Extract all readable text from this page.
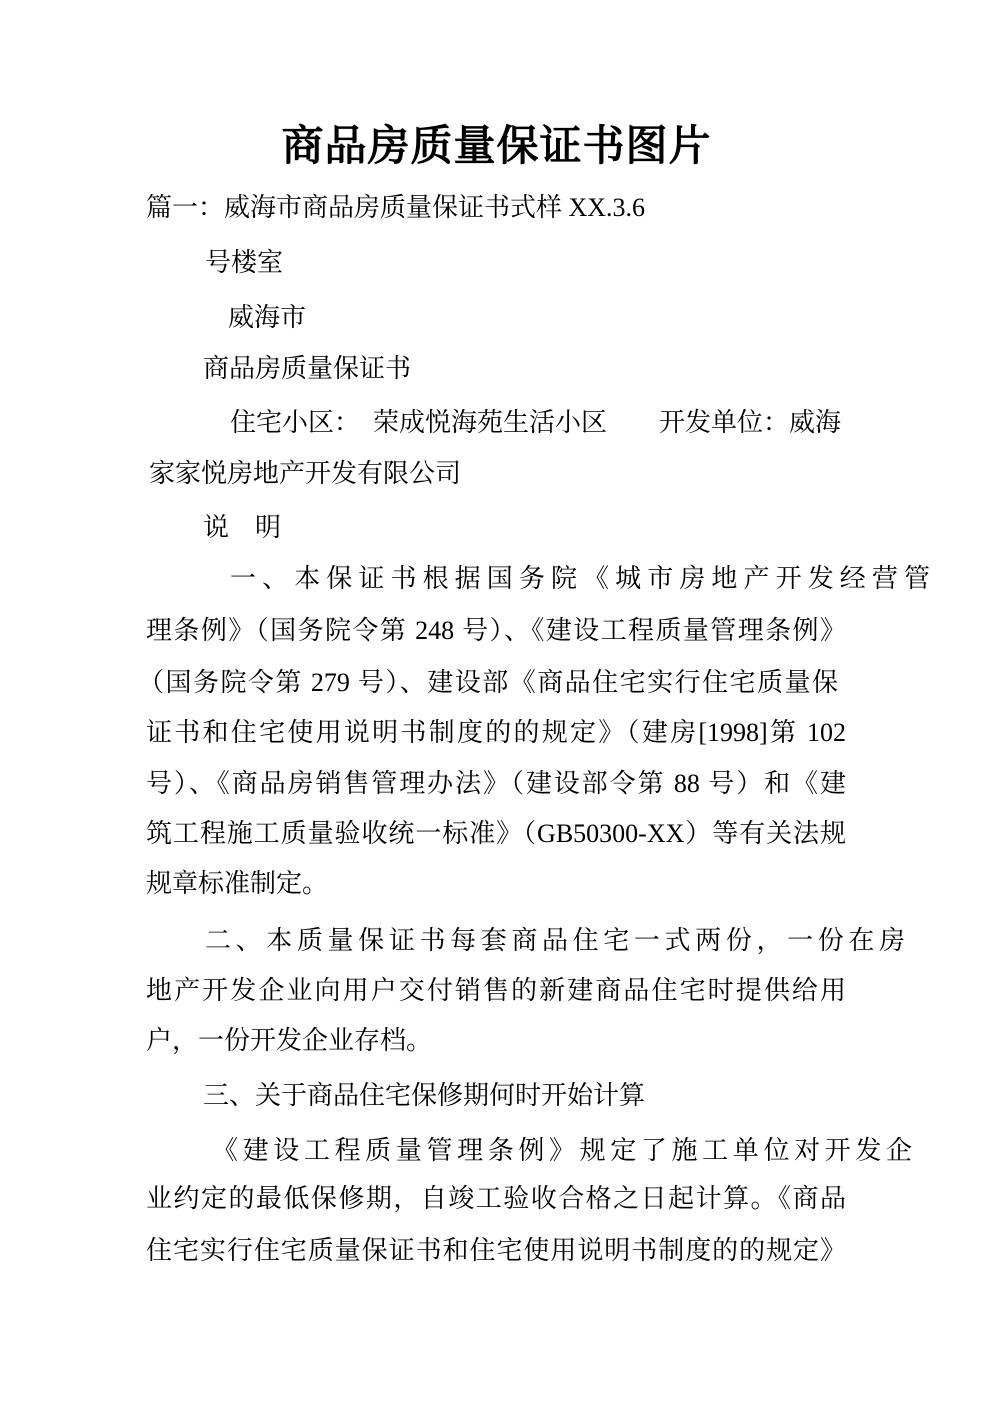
商品房质量保证书图片
篇一：威海市商品房质量保证书式样 XX.3.6
号楼室
威海市
商品房质量保证书
住宅小区：　荣成悦海苑生活小区　　开发单位：威海
家家悦房地产开发有限公司
说　明
一、本保证书根据国务院《城市房地产开发经营管
理条例》（国务院令第 248 号）、《建设工程质量管理条例》
（国务院令第 279 号）、建设部《商品住宅实行住宅质量保
证书和住宅使用说明书制度的的规定》（建房[1998]第 102
号）、《商品房销售管理办法》（建设部令第 88 号）和《建
筑工程施工质量验收统一标准》（GB50300-XX）等有关法规
规章标准制定。
二、本质量保证书每套商品住宅一式两份，一份在房
地产开发企业向用户交付销售的新建商品住宅时提供给用
户，一份开发企业存档。
三、关于商品住宅保修期何时开始计算
《建设工程质量管理条例》规定了施工单位对开发企
业约定的最低保修期，自竣工验收合格之日起计算。《商品
住宅实行住宅质量保证书和住宅使用说明书制度的的规定》
